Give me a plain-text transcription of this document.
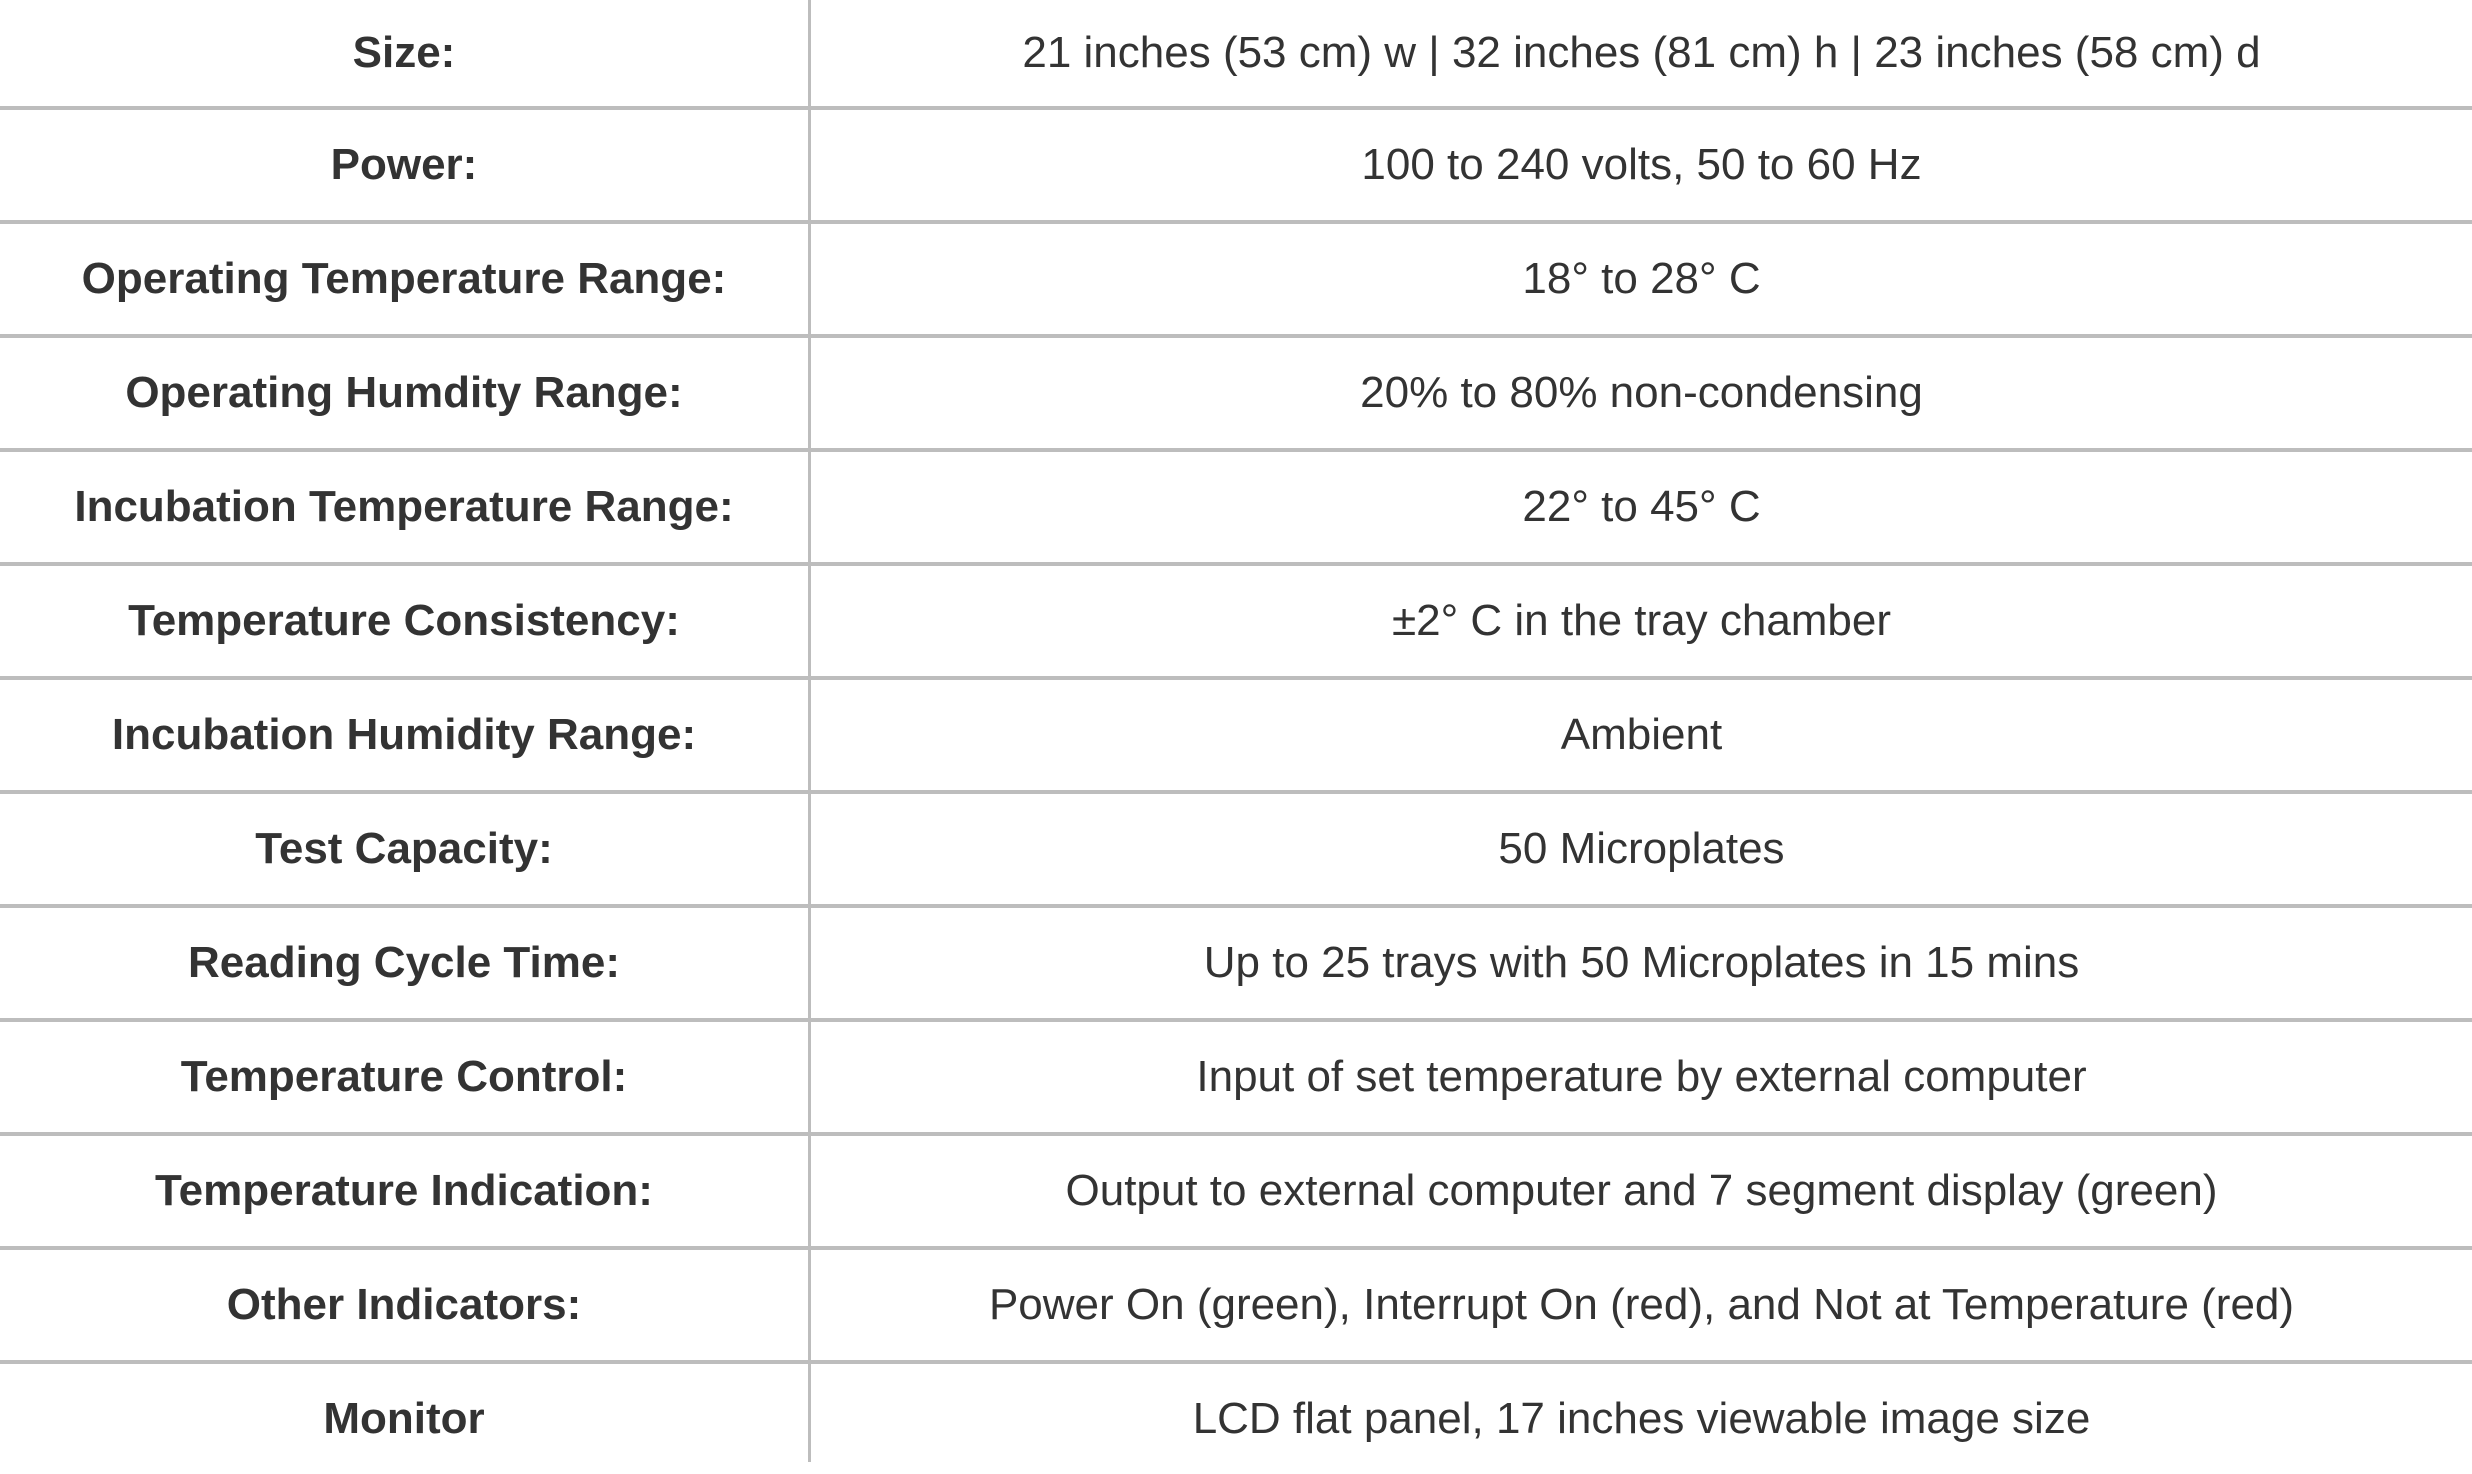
Size:	21 inches (53 cm) w | 32 inches (81 cm) h | 23 inches (58 cm) d
Power:	100 to 240 volts, 50 to 60 Hz
Operating Temperature Range:	18° to 28° C
Operating Humdity Range:	20% to 80% non-condensing
Incubation Temperature Range:	22° to 45° C
Temperature Consistency:	±2° C in the tray chamber
Incubation Humidity Range:	Ambient
Test Capacity:	50 Microplates
Reading Cycle Time:	Up to 25 trays with 50 Microplates in 15 mins
Temperature Control:	Input of set temperature by external computer
Temperature Indication:	Output to external computer and 7 segment display (green)
Other Indicators:	Power On (green), Interrupt On (red), and Not at Temperature (red)
Monitor	LCD flat panel, 17 inches viewable image size
